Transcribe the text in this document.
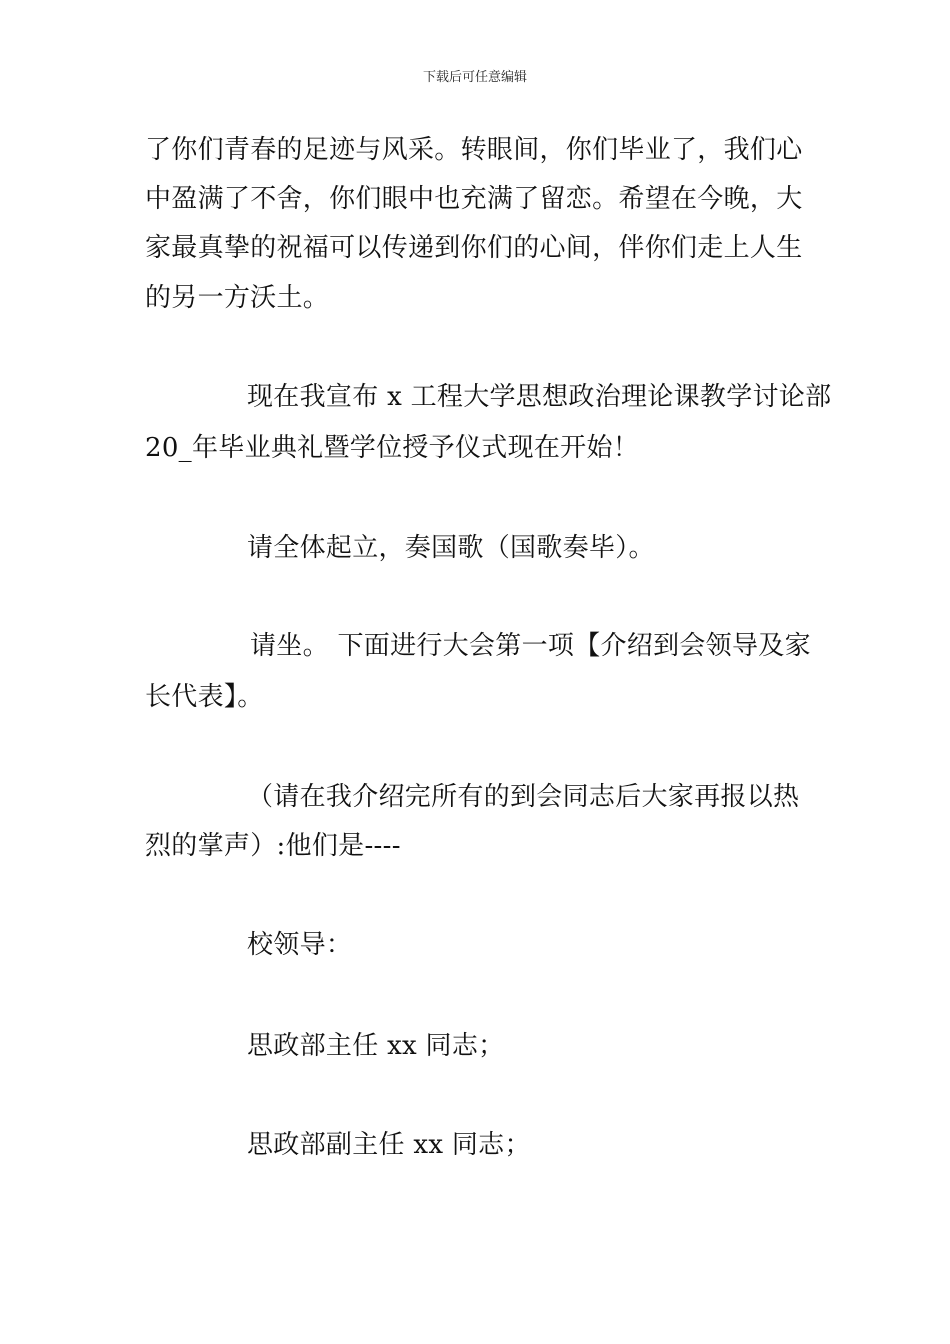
下载后可任意编辑
了你们青春的足迹与风采。转眼间，你们毕业了，我们心
中盈满了不舍，你们眼中也充满了留恋。希望在今晚，大
家最真挚的祝福可以传递到你们的心间，伴你们走上人生
的另一方沃土。
现在我宣布 x 工程大学思想政治理论课教学讨论部
20_年毕业典礼暨学位授予仪式现在开始！
请全体起立，奏国歌（国歌奏毕）。
请坐。 下面进行大会第一项【介绍到会领导及家
长代表】。
（请在我介绍完所有的到会同志后大家再报以热
烈的掌声）:他们是----
校领导：
思政部主任 xx 同志；
思政部副主任 xx 同志；
